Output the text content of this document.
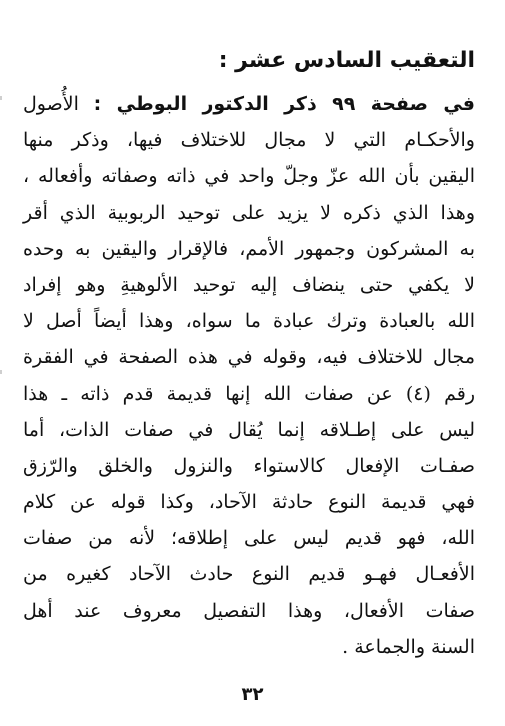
التعقيب السادس عشر :
في صفحة ٩٩ ذكر الدكتور البوطي : الأُصول
والأحكـام التي لا مجال للاختلاف فيها، وذكر منها
اليقين بأن الله عزّ وجلّ واحد في ذاته وصفاته وأفعاله ،
وهذا الذي ذكره لا يزيد على توحيد الربوبية الذي أقر
به المشركون وجمهور الأمم، فالإقرار واليقين به وحده
لا يكفي حتى ينضاف إليه توحيد الألوهيةِ وهو إفراد
الله بالعبادة وترك عبادة ما سواه، وهذا أيضاً أصل لا
مجال للاختلاف فيه، وقوله في هذه الصفحة في الفقرة
رقم (٤) عن صفات الله إنها قديمة قدم ذاته ـ هذا
ليس على إطـلاقه إنما يُقال في صفات الذات، أما
صفـات الإفعال كالاستواء والنزول والخلق والرّزق
فهي قديمة النوع حادثة الآحاد، وكذا قوله عن كلام
الله، فهو قديم ليس على إطلاقه؛ لأنه من صفات
الأفعـال فهـو قديم النوع حادث الآحاد كغيره من
صفات الأفعال، وهذا التفصيل معروف عند أهل
السنة والجماعة .
٣٢
